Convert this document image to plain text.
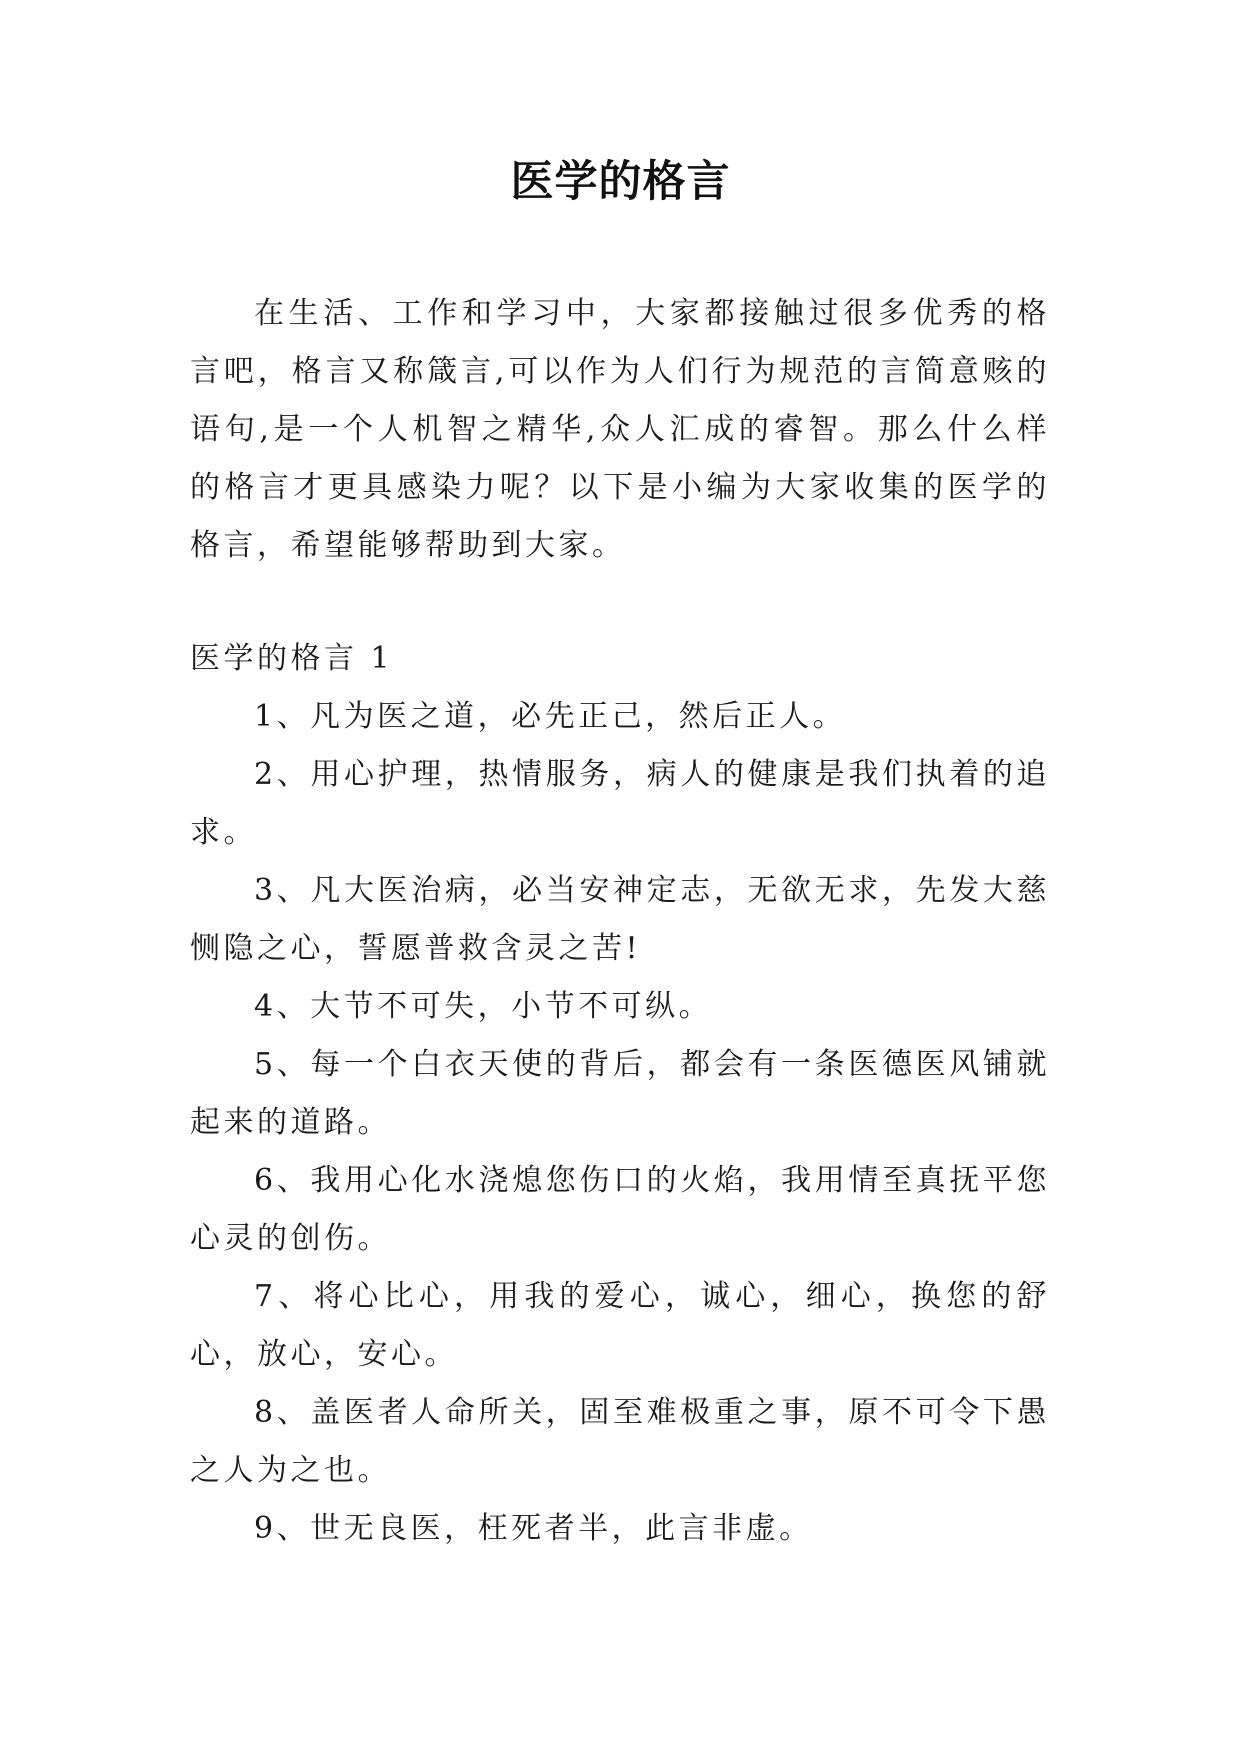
医学的格言

在生活、工作和学习中，大家都接触过很多优秀的格言吧，格言又称箴言,可以作为人们行为规范的言简意赅的语句,是一个人机智之精华,众人汇成的睿智。那么什么样的格言才更具感染力呢？以下是小编为大家收集的医学的格言，希望能够帮助到大家。

医学的格言 1

1、凡为医之道，必先正己，然后正人。

2、用心护理，热情服务，病人的健康是我们执着的追求。

3、凡大医治病，必当安神定志，无欲无求，先发大慈恻隐之心，誓愿普救含灵之苦!

4、大节不可失，小节不可纵。

5、每一个白衣天使的背后，都会有一条医德医风铺就起来的道路。

6、我用心化水浇熄您伤口的火焰，我用情至真抚平您心灵的创伤。

7、将心比心，用我的爱心，诚心，细心，换您的舒心，放心，安心。

8、盖医者人命所关，固至难极重之事，原不可令下愚之人为之也。

9、世无良医，枉死者半，此言非虚。
